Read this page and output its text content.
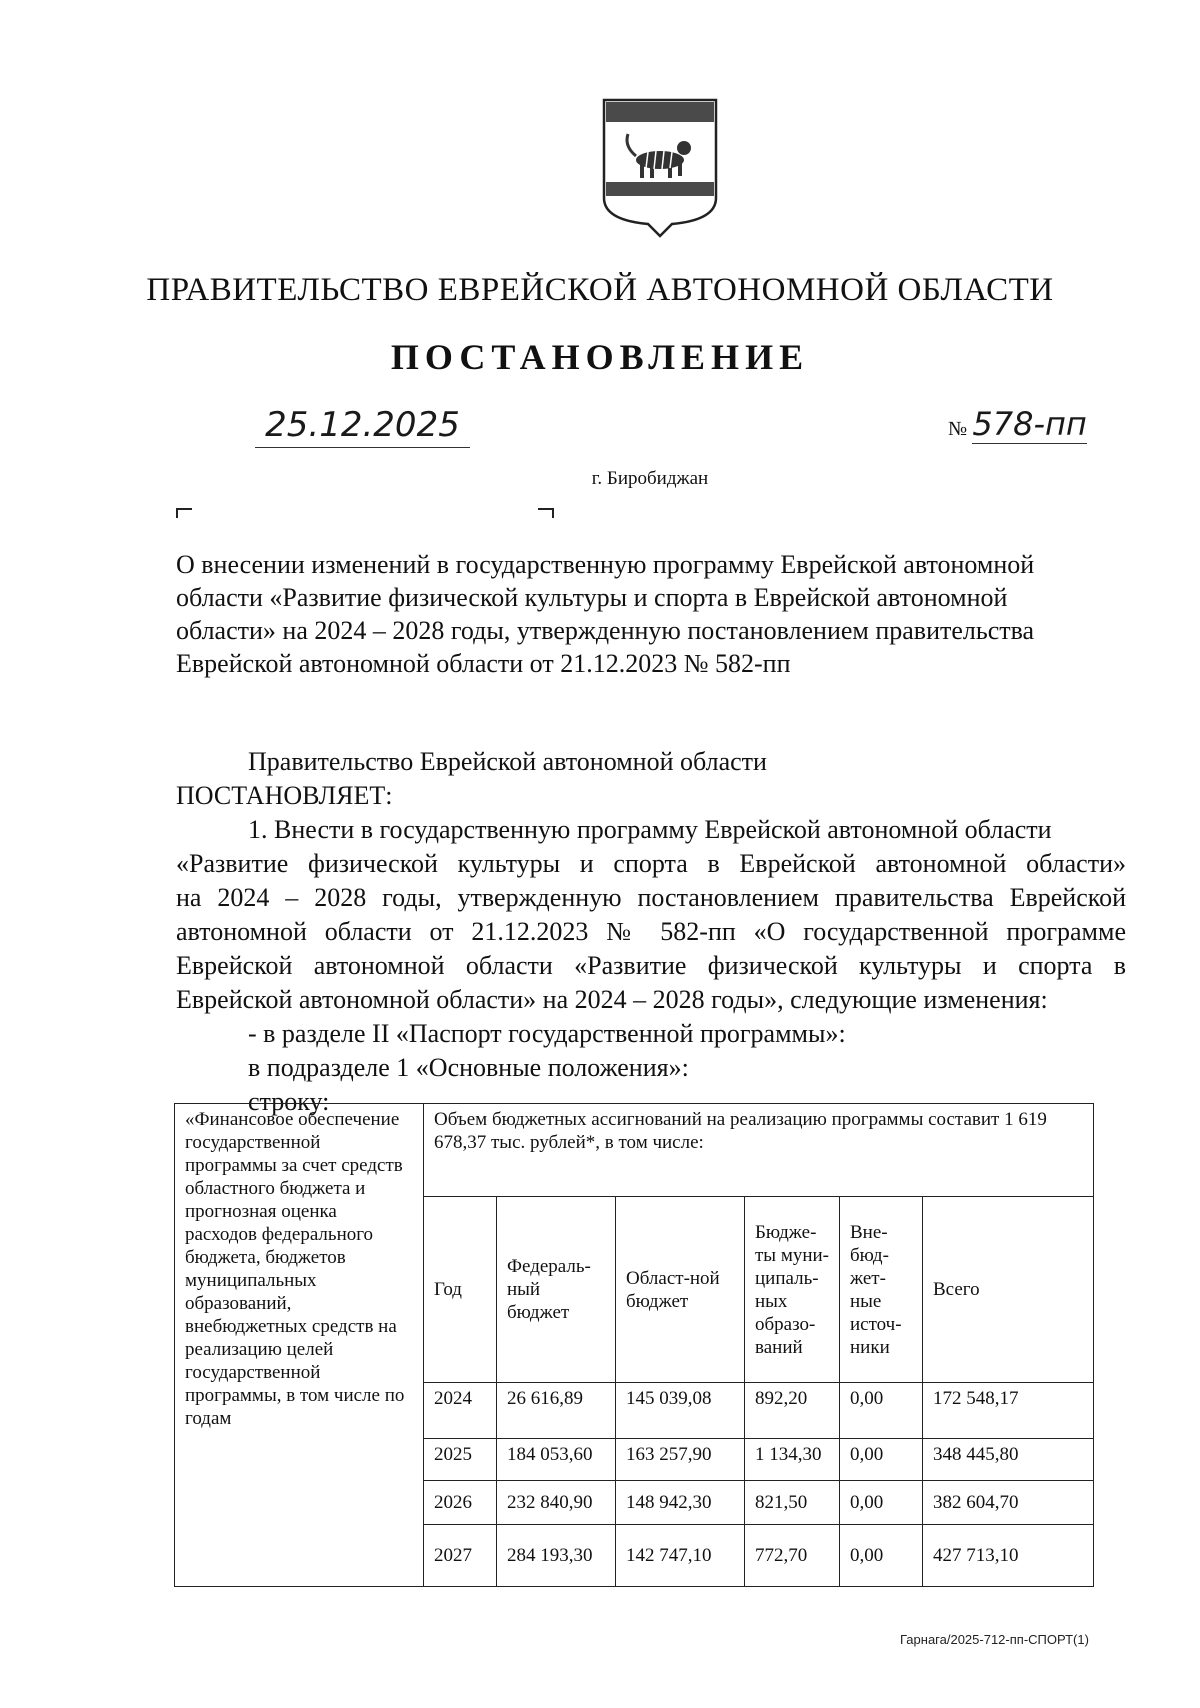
ПРАВИТЕЛЬСТВО ЕВРЕЙСКОЙ АВТОНОМНОЙ ОБЛАСТИ
ПОСТАНОВЛЕНИЕ
25.12.2025	№ 578-пп
г. Биробиджан
О внесении изменений в государственную программу Еврейской автономной
области «Развитие физической культуры и спорта в Еврейской автономной
области» на 2024 – 2028 годы, утвержденную постановлением правительства
Еврейской автономной области от 21.12.2023 № 582-пп
Правительство Еврейской автономной области
ПОСТАНОВЛЯЕТ:
1. Внести в государственную программу Еврейской автономной области
«Развитие физической культуры и спорта в Еврейской автономной области»
на 2024 – 2028 годы, утвержденную постановлением правительства Еврейской
автономной области от 21.12.2023 № 582-пп «О государственной программе
Еврейской автономной области «Развитие физической культуры и спорта в
Еврейской автономной области» на 2024 – 2028 годы», следующие изменения:
- в разделе II «Паспорт государственной программы»:
в подразделе 1 «Основные положения»:
строку:
«Финансовое обеспечение государственной программы за счет средств областного бюджета и прогнозная оценка расходов федерального бюджета, бюджетов муниципальных образований, внебюджетных средств на реализацию целей государственной программы, в том числе по годам	Объем бюджетных ассигнований на реализацию программы составит 1 619 678,37 тыс. рублей*, в том числе:					
	Год	Федераль-ный бюджет	Област-ной бюджет	Бюдже-ты муни-ципаль-ных образо-ваний	Вне-бюд-жет-ные источ-ники	Всего
	2024	26 616,89	145 039,08	892,20	0,00	172 548,17
	2025	184 053,60	163 257,90	1 134,30	0,00	348 445,80
	2026	232 840,90	148 942,30	821,50	0,00	382 604,70
	2027	284 193,30	142 747,10	772,70	0,00	427 713,10
Гарнага/2025-712-пп-СПОРТ(1)
